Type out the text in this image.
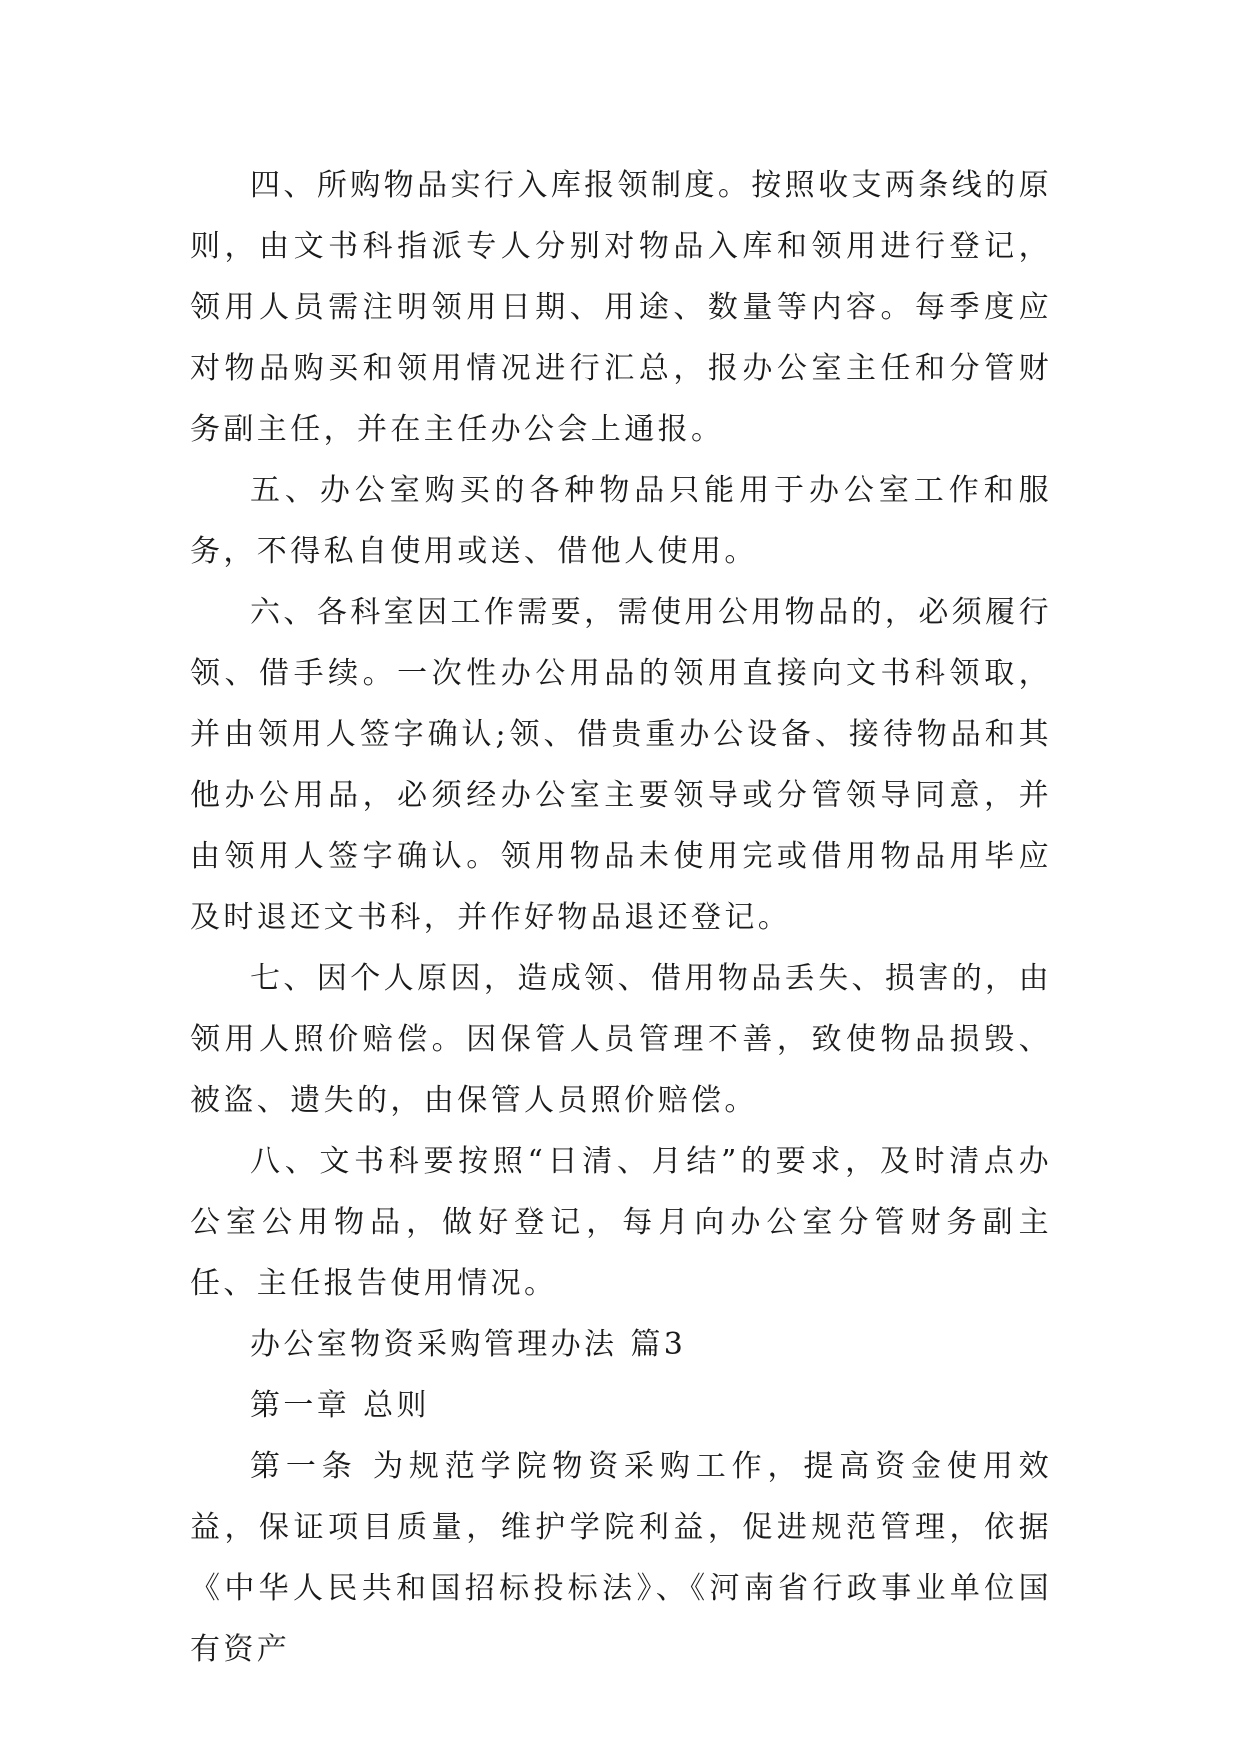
四、所购物品实行入库报领制度。按照收支两条线的原则，由文书科指派专人分别对物品入库和领用进行登记，领用人员需注明领用日期、用途、数量等内容。每季度应对物品购买和领用情况进行汇总，报办公室主任和分管财务副主任，并在主任办公会上通报。

五、办公室购买的各种物品只能用于办公室工作和服务，不得私自使用或送、借他人使用。

六、各科室因工作需要，需使用公用物品的，必须履行领、借手续。一次性办公用品的领用直接向文书科领取，并由领用人签字确认;领、借贵重办公设备、接待物品和其他办公用品，必须经办公室主要领导或分管领导同意，并由领用人签字确认。领用物品未使用完或借用物品用毕应及时退还文书科，并作好物品退还登记。

七、因个人原因，造成领、借用物品丢失、损害的，由领用人照价赔偿。因保管人员管理不善，致使物品损毁、被盗、遗失的，由保管人员照价赔偿。

八、文书科要按照“日清、月结”的要求，及时清点办公室公用物品，做好登记，每月向办公室分管财务副主任、主任报告使用情况。

办公室物资采购管理办法 篇3

第一章 总则

第一条 为规范学院物资采购工作，提高资金使用效益，保证项目质量，维护学院利益，促进规范管理，依据《中华人民共和国招标投标法》、《河南省行政事业单位国有资产
